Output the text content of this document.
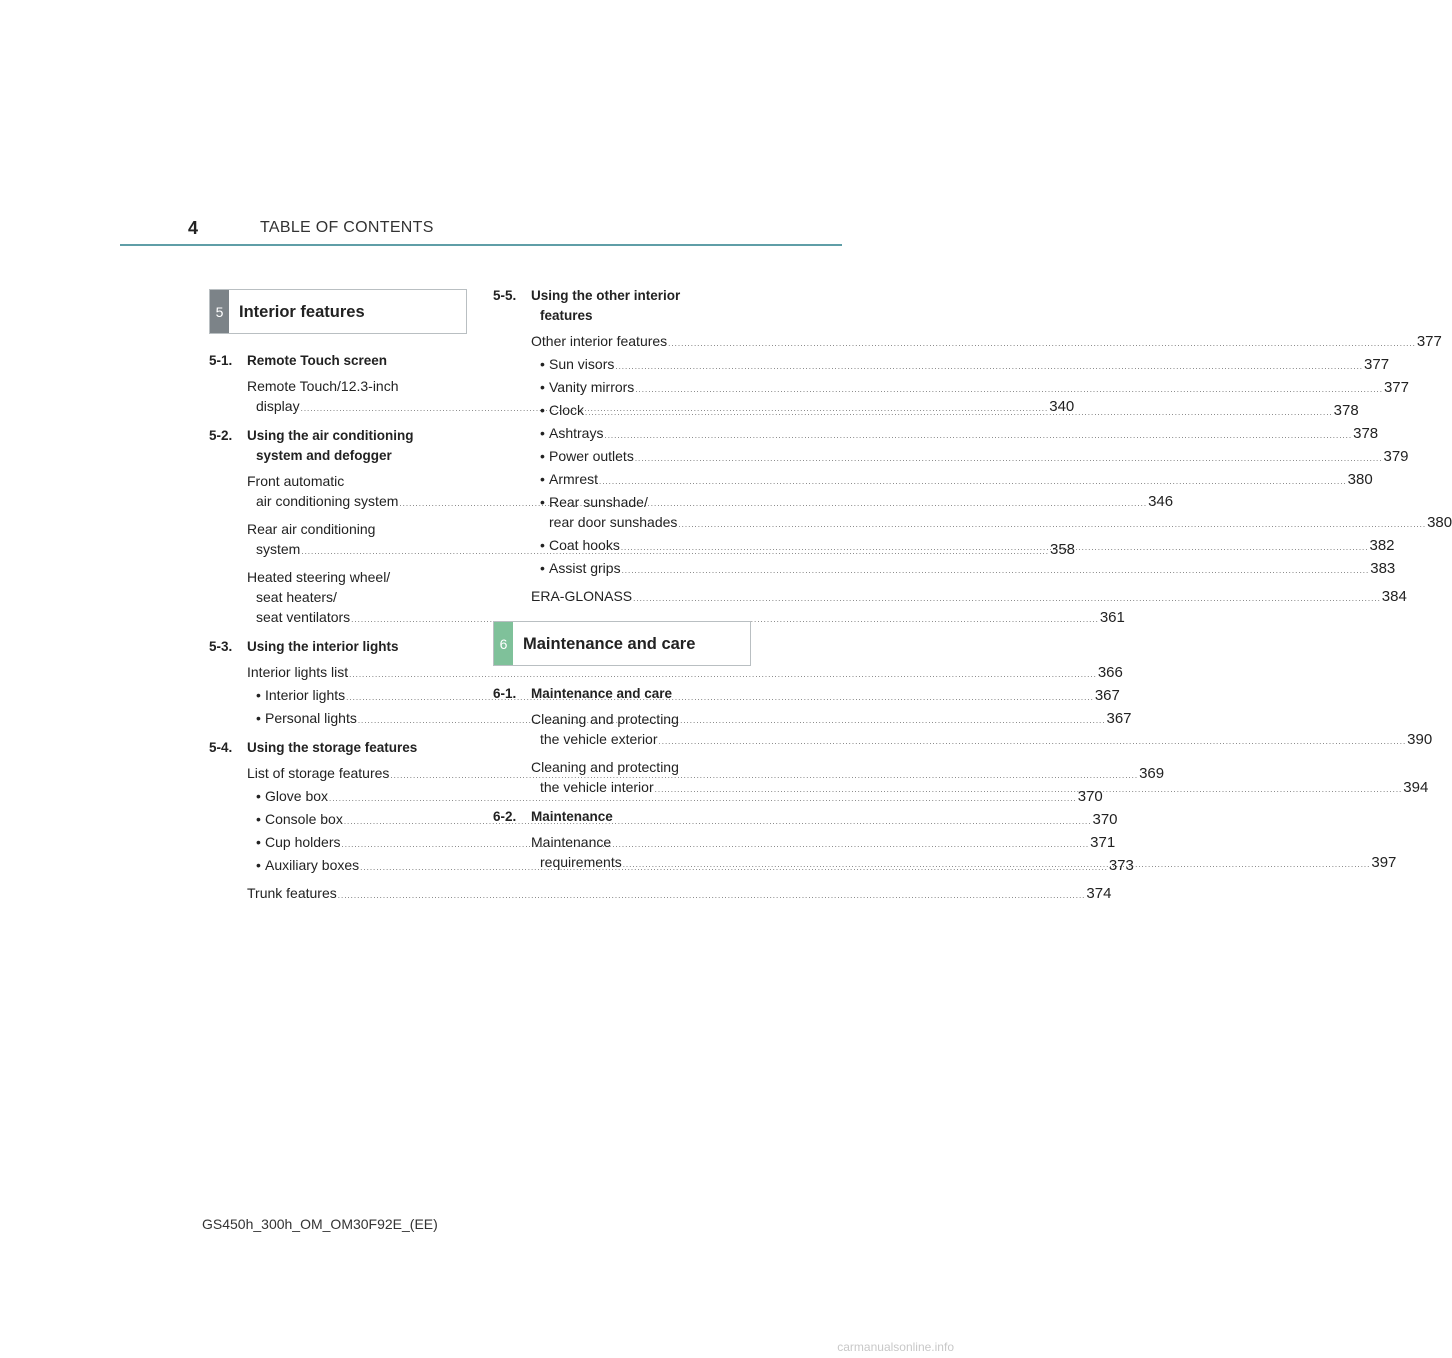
4	TABLE OF CONTENTS
5 Interior features
5-1.	Remote Touch screen
Remote Touch/12.3-inch
display .....	340
5-2.	Using the air conditioning
system and defogger
Front automatic
air conditioning system .....	346
Rear air conditioning
system .....	358
Heated steering wheel/
seat heaters/
seat ventilators .....	361
5-3.	Using the interior lights
Interior lights list .....	366
• Interior lights .....	367
• Personal lights .....	367
5-4.	Using the storage features
List of storage features .....	369
• Glove box .....	370
• Console box .....	370
• Cup holders .....	371
• Auxiliary boxes .....	373
Trunk features .....	374
5-5.	Using the other interior
features
Other interior features .....	377
• Sun visors .....	377
• Vanity mirrors .....	377
• Clock .....	378
• Ashtrays .....	378
• Power outlets .....	379
• Armrest .....	380
• Rear sunshade/
rear door sunshades .....	380
• Coat hooks .....	382
• Assist grips .....	383
ERA-GLONASS .....	384
6 Maintenance and care
6-1.	Maintenance and care
Cleaning and protecting
the vehicle exterior .....	390
Cleaning and protecting
the vehicle interior .....	394
6-2.	Maintenance
Maintenance
requirements .....	397
GS450h_300h_OM_OM30F92E_(EE)
carmanualsonline.info
